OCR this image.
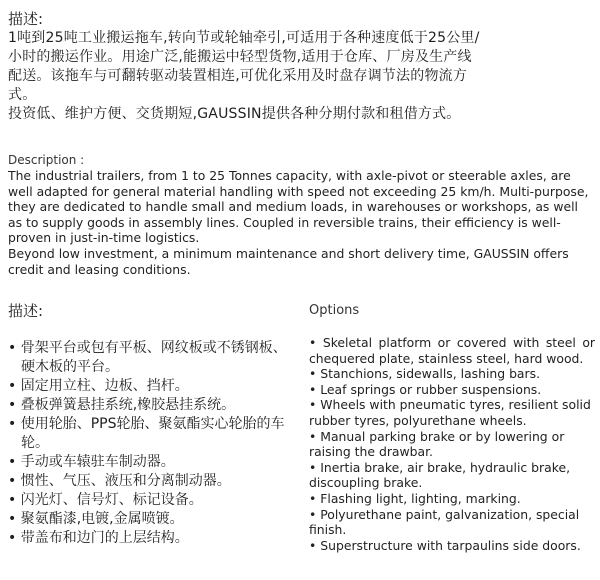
描述:
1吨到25吨工业搬运拖车,转向节或轮轴牵引,可适用于各种速度低于25公里/
小时的搬运作业。用途广泛,能搬运中轻型货物,适用于仓库、厂房及生产线
配送。该拖车与可翻转驱动装置相连,可优化采用及时盘存调节法的物流方
式。
投资低、维护方便、交货期短,GAUSSIN提供各种分期付款和租借方式。
Description :
The industrial trailers, from 1 to 25 Tonnes capacity, with axle-pivot or steerable axles, are
well adapted for general material handling with speed not exceeding 25 km/h. Multi-purpose,
they are dedicated to handle small and medium loads, in warehouses or workshops, as well
as to supply goods in assembly lines. Coupled in reversible trains, their efficiency is well-
proven in just-in-time logistics.
Beyond low investment, a minimum maintenance and short delivery time, GAUSSIN offers
credit and leasing conditions.
描述:
• 骨架平台或包有平板、网纹板或不锈钢板、硬木板的平台。
• 固定用立柱、边板、挡杆。
• 叠板弹簧悬挂系统,橡胶悬挂系统。
• 使用轮胎、PPS轮胎、聚氨酯实心轮胎的车轮。
• 手动或车辕驻车制动器。
• 惯性、气压、液压和分离制动器。
• 闪光灯、信号灯、标记设备。
• 聚氨酯漆,电镀,金属喷镀。
• 带盖布和边门的上层结构。
Options
• Skeletal platform or covered with steel or chequered plate, stainless steel, hard wood.
• Stanchions, sidewalls, lashing bars.
• Leaf springs or rubber suspensions.
• Wheels with pneumatic tyres, resilient solid rubber tyres, polyurethane wheels.
• Manual parking brake or by lowering or raising the drawbar.
• Inertia brake, air brake, hydraulic brake, discoupling brake.
• Flashing light, lighting, marking.
• Polyurethane paint, galvanization, special finish.
• Superstructure with tarpaulins side doors.
